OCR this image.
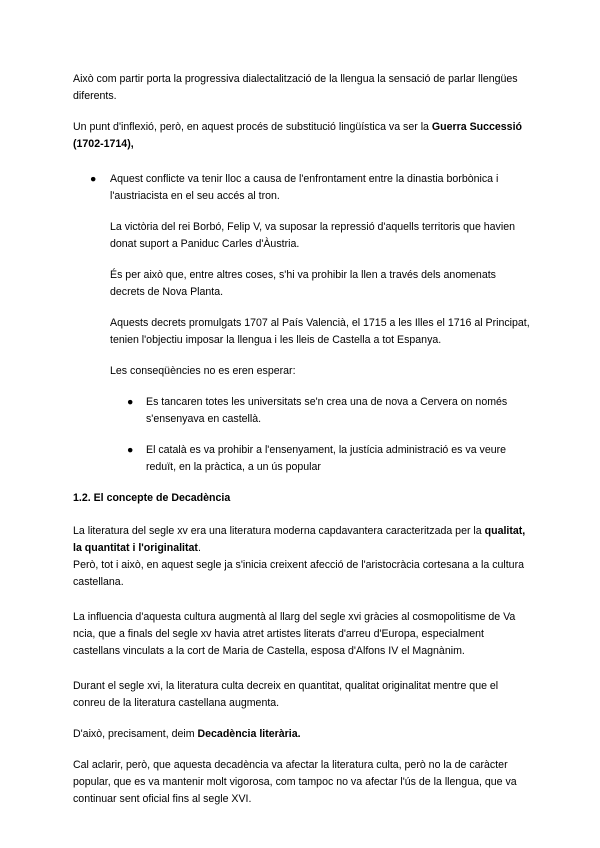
Això com partir porta la progressiva dialectalització de la llengua la sensació de parlar llengües diferents.

Un punt d'inflexió, però, en aquest procés de substitució lingüística va ser la Guerra Successió (1702-1714),

● Aquest conflicte va tenir lloc a causa de l'enfrontament entre la dinastia borbònica i l'austriacista en el seu accés al tron.

La victòria del rei Borbó, Felip V, va suposar la repressió d'aquells territoris que havien donat suport a Paniduc Carles d'Àustria.

És per això que, entre altres coses, s'hi va prohibir la llen a través dels anomenats decrets de Nova Planta.

Aquests decrets promulgats 1707 al País Valencià, el 1715 a les Illes el 1716 al Principat, tenien l'objectiu imposar la llengua i les lleis de Castella a tot Espanya.

Les conseqüències no es eren esperar:

● Es tancaren totes les universitats se'n crea una de nova a Cervera on només s'ensenyava en castellà.
● El català es va prohibir a l'ensenyament, la justícia administració es va veure reduït, en la pràctica, a un ús popular
1.2. El concepte de Decadència

La literatura del segle xv era una literatura moderna capdavantera caracteritzada per la qualitat, la quantitat i l'originalitat.

Però, tot i això, en aquest segle ja s'inicia creixent afecció de l'aristocràcia cortesana a la cultura castellana.

La influencia d'aquesta cultura augmentà al llarg del segle xvi gràcies al cosmopolitisme de Va ncia, que a finals del segle xv havia atret artistes literats d'arreu d'Europa, especialment castellans vinculats a la cort de Maria de Castella, esposa d'Alfons IV el Magnànim.

Durant el segle xvi, la literatura culta decreix en quantitat, qualitat originalitat mentre que el conreu de la literatura castellana augmenta.

D'això, precisament, deim Decadència literària.

Cal aclarir, però, que aquesta decadència va afectar la literatura culta, però no la de caràcter popular, que es va mantenir molt vigorosa, com tampoc no va afectar l'ús de la llengua, que va continuar sent oficial fins al segle XVI.
